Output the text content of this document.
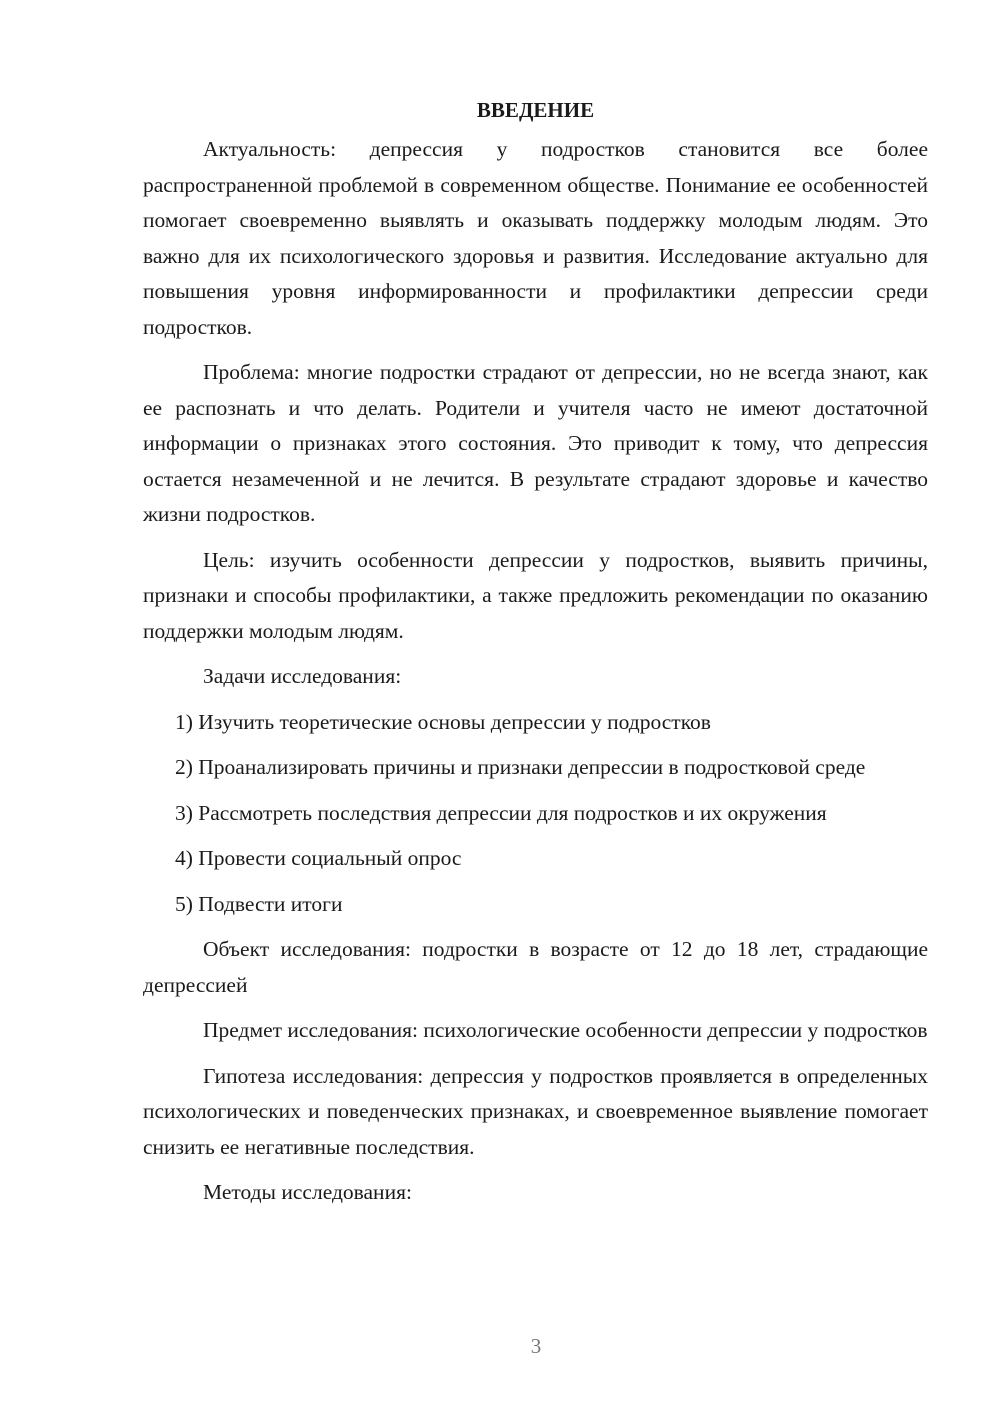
ВВЕДЕНИЕ

Актуальность: депрессия у подростков становится все более распространенной проблемой в современном обществе. Понимание ее особенностей помогает своевременно выявлять и оказывать поддержку молодым людям. Это важно для их психологического здоровья и развития. Исследование актуально для повышения уровня информированности и профилактики депрессии среди подростков.

Проблема: многие подростки страдают от депрессии, но не всегда знают, как ее распознать и что делать. Родители и учителя часто не имеют достаточной информации о признаках этого состояния. Это приводит к тому, что депрессия остается незамеченной и не лечится. В результате страдают здоровье и качество жизни подростков.

Цель: изучить особенности депрессии у подростков, выявить причины, признаки и способы профилактики, а также предложить рекомендации по оказанию поддержки молодым людям.

Задачи исследования:

1) Изучить теоретические основы депрессии у подростков

2) Проанализировать причины и признаки депрессии в подростковой среде

3) Рассмотреть последствия депрессии для подростков и их окружения

4) Провести социальный опрос

5) Подвести итоги

Объект исследования: подростки в возрасте от 12 до 18 лет, страдающие депрессией

Предмет исследования: психологические особенности депрессии у подростков

Гипотеза исследования: депрессия у подростков проявляется в определенных психологических и поведенческих признаках, и своевременное выявление помогает снизить ее негативные последствия.

Методы исследования:

3
